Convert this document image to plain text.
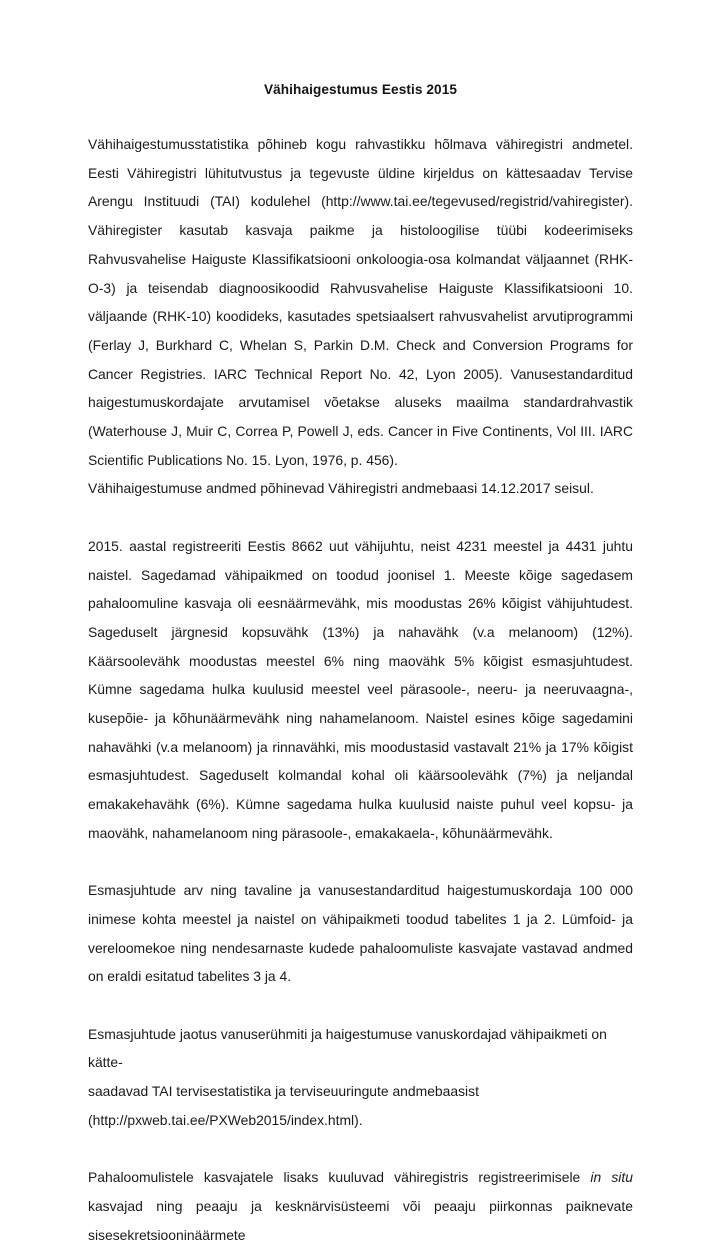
Vähihaigestumus Eestis 2015

Vähihaigestumusstatistika põhineb kogu rahvastikku hõlmava vähiregistri andmetel. Eesti Vähiregistri lühitutvustus ja tegevuste üldine kirjeldus on kättesaadav Tervise Arengu Instituudi (TAI) kodulehel (http://www.tai.ee/tegevused/registrid/vahiregister). Vähiregister kasutab kasvaja paikme ja histoloogilise tüübi kodeerimiseks Rahvusvahelise Haiguste Klassifikatsiooni onkoloogia-osa kolmandat väljaannet (RHK-O-3) ja teisendab diagnoosikoodid Rahvusvahelise Haiguste Klassifikatsiooni 10. väljaande (RHK-10) koodideks, kasutades spetsiaalsert rahvusvahelist arvutiprogrammi (Ferlay J, Burkhard C, Whelan S, Parkin D.M. Check and Conversion Programs for Cancer Registries. IARC Technical Report No. 42, Lyon 2005). Vanusestandarditud haigestumuskordajate arvutamisel võetakse aluseks maailma standardrahvastik (Waterhouse J, Muir C, Correa P, Powell J, eds. Cancer in Five Continents, Vol III. IARC Scientific Publications No. 15. Lyon, 1976, p. 456).

Vähihaigestumuse andmed põhinevad Vähiregistri andmebaasi 14.12.2017 seisul.

2015. aastal registreeriti Eestis 8662 uut vähijuhtu, neist 4231 meestel ja 4431 juhtu naistel. Sagedamad vähipaikmed on toodud joonisel 1. Meeste kõige sagedasem pahaloomuline kasvaja oli eesnäärmevähk, mis moodustas 26% kõigist vähijuhtudest. Sageduselt järgnesid kopsuvähk (13%) ja nahavähk (v.a melanoom) (12%). Käärsoolevähk moodustas meestel 6% ning maovähk 5% kõigist esmasjuhtudest. Kümne sagedama hulka kuulusid meestel veel pärasoole-, neeru- ja neeruvaagna-, kusepõie- ja kõhunäärmevähk ning nahamelanoom. Naistel esines kõige sagedamini nahavähki (v.a melanoom) ja rinnavähki, mis moodustasid vastavalt 21% ja 17% kõigist esmasjuhtudest. Sageduselt kolmandal kohal oli käärsoolevähk (7%) ja neljandal emakakehavähk (6%). Kümne sagedama hulka kuulusid naiste puhul veel kopsu- ja maovähk, nahamelanoom ning pärasoole-, emakakaela-, kõhunäärmevähk.

Esmasjuhtude arv ning tavaline ja vanusestandarditud haigestumuskordaja 100 000 inimese kohta meestel ja naistel on vähipaikmeti toodud tabelites 1 ja 2. Lümfoid- ja vereloomekoe ning nendesarnaste kudede pahaloomuliste kasvajate vastavad andmed on eraldi esitatud tabelites 3 ja 4.

Esmasjuhtude jaotus vanuserühmiti ja haigestumuse vanuskordajad vähipaikmeti on kätte-

saadavad TAI tervisestatistika ja terviseuuringute andmebaasist

(http://pxweb.tai.ee/PXWeb2015/index.html).

Pahaloomulistele kasvajatele lisaks kuuluvad vähiregistris registreerimisele in situ kasvajad ning peaaju ja kesknärvisüsteemi või peaaju piirkonnas paiknevate sisesekretsiooninäärmete
